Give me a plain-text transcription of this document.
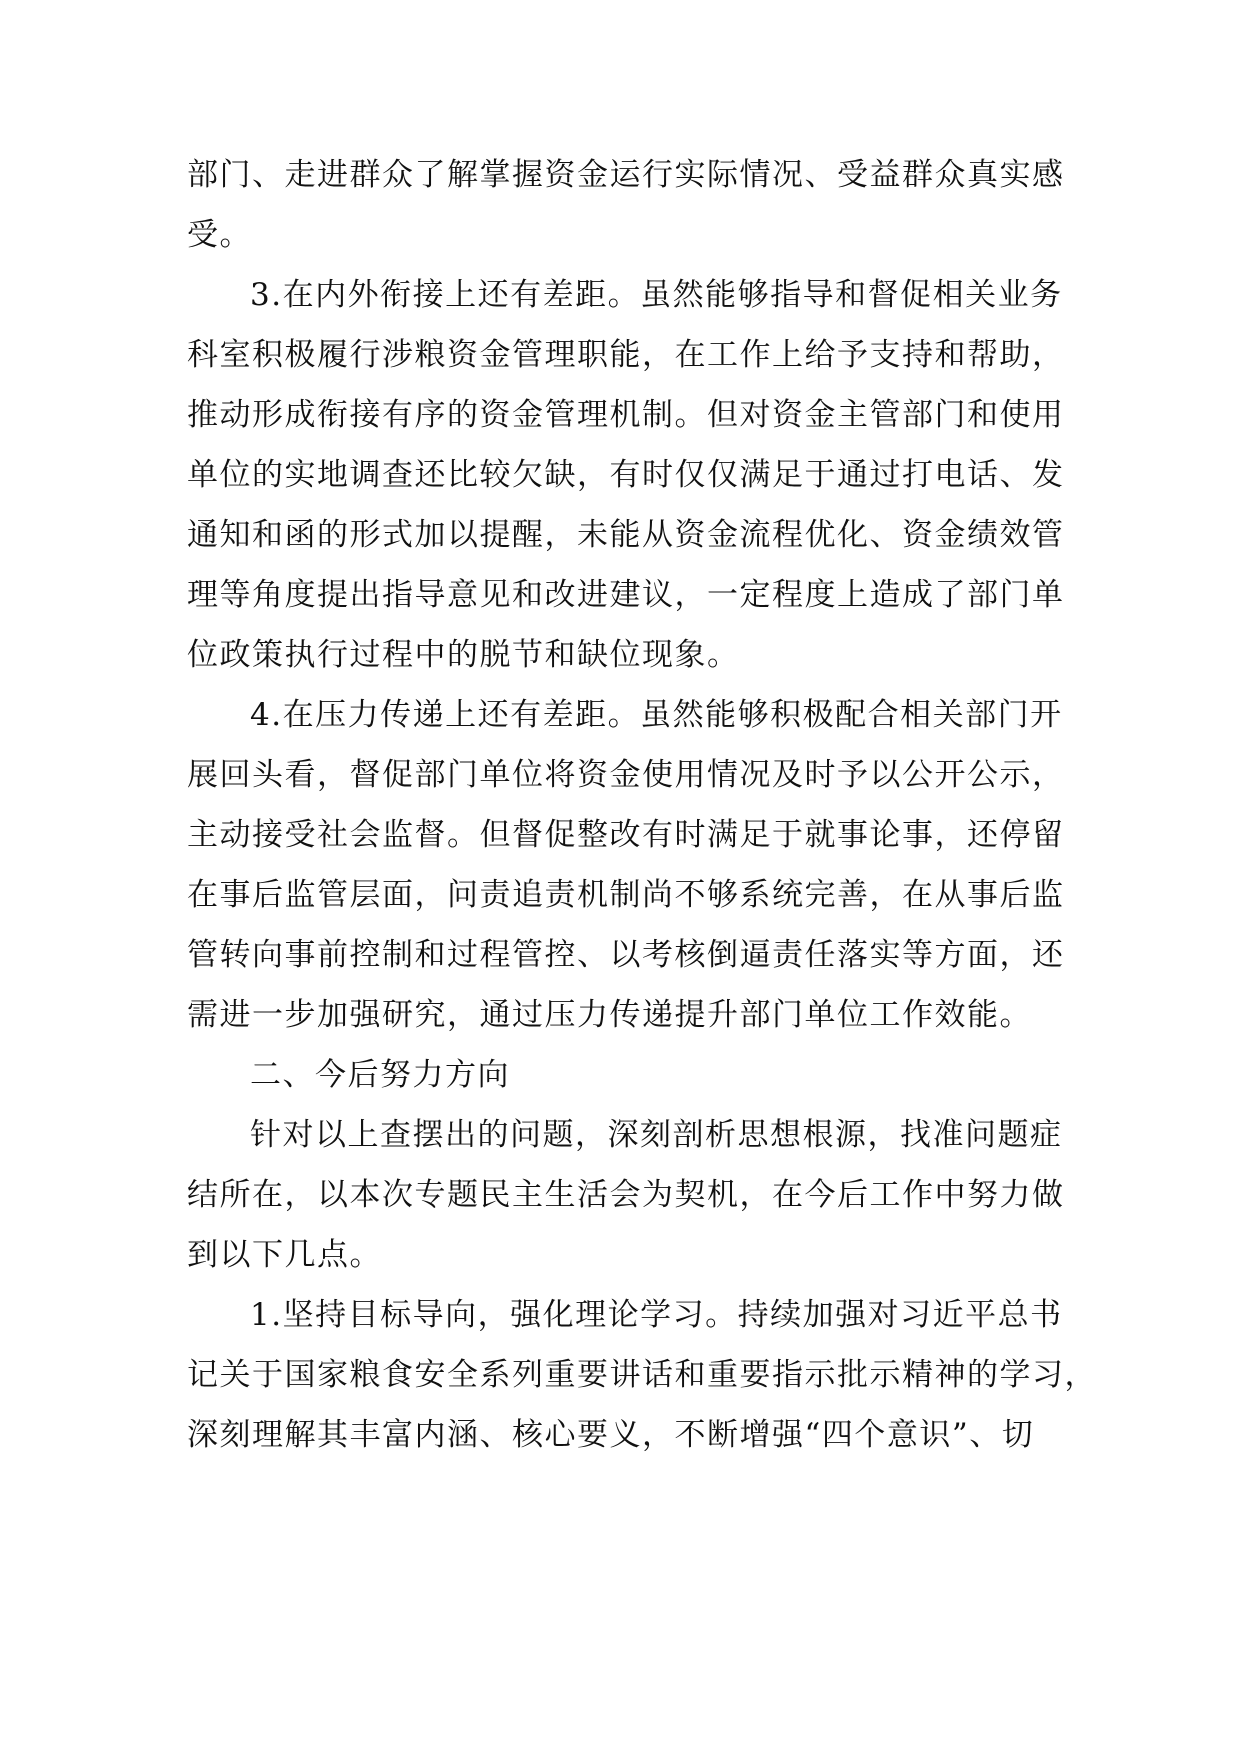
部门、走进群众了解掌握资金运行实际情况、受益群众真实感

受。

3.在内外衔接上还有差距。虽然能够指导和督促相关业务

科室积极履行涉粮资金管理职能，在工作上给予支持和帮助，

推动形成衔接有序的资金管理机制。但对资金主管部门和使用

单位的实地调查还比较欠缺，有时仅仅满足于通过打电话、发

通知和函的形式加以提醒，未能从资金流程优化、资金绩效管

理等角度提出指导意见和改进建议，一定程度上造成了部门单

位政策执行过程中的脱节和缺位现象。

4.在压力传递上还有差距。虽然能够积极配合相关部门开

展回头看，督促部门单位将资金使用情况及时予以公开公示，

主动接受社会监督。但督促整改有时满足于就事论事，还停留

在事后监管层面，问责追责机制尚不够系统完善，在从事后监

管转向事前控制和过程管控、以考核倒逼责任落实等方面，还

需进一步加强研究，通过压力传递提升部门单位工作效能。

二、今后努力方向

针对以上查摆出的问题，深刻剖析思想根源，找准问题症

结所在，以本次专题民主生活会为契机，在今后工作中努力做

到以下几点。

1.坚持目标导向，强化理论学习。持续加强对习近平总书

记关于国家粮食安全系列重要讲话和重要指示批示精神的学习，

深刻理解其丰富内涵、核心要义，不断增强“四个意识”、切
